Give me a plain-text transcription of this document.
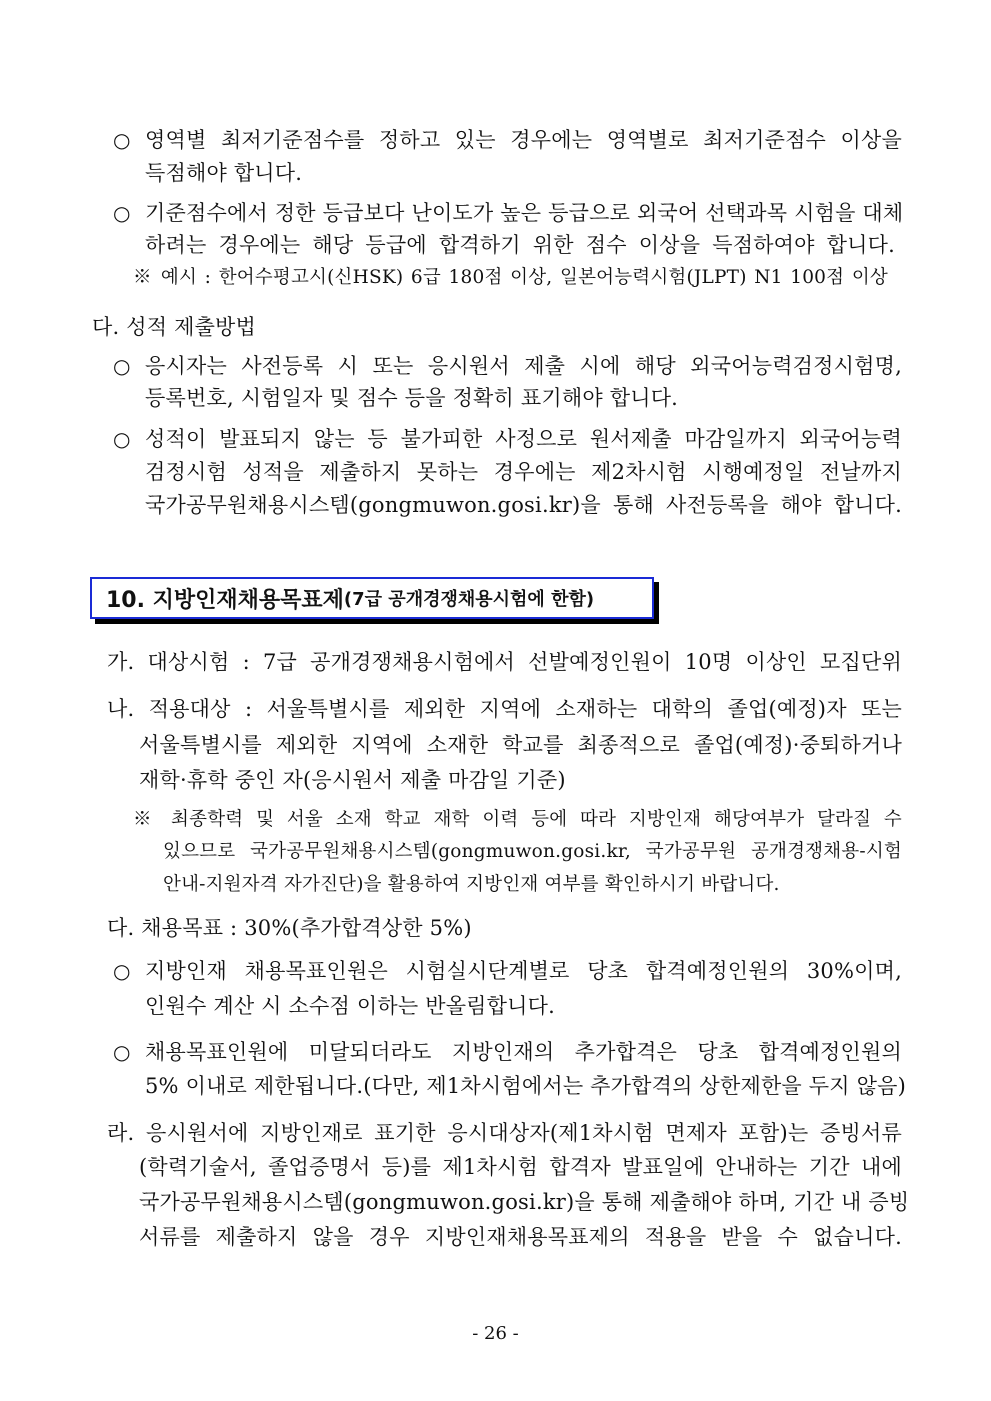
○ 영역별 최저기준점수를 정하고 있는 경우에는 영역별로 최저기준점수 이상을
득점해야 합니다.
○ 기준점수에서 정한 등급보다 난이도가 높은 등급으로 외국어 선택과목 시험을 대체
하려는 경우에는 해당 등급에 합격하기 위한 점수 이상을 득점하여야 합니다.
※ 예시 : 한어수평고시(신HSK) 6급 180점 이상, 일본어능력시험(JLPT) N1 100점 이상
다. 성적 제출방법
○ 응시자는 사전등록 시 또는 응시원서 제출 시에 해당 외국어능력검정시험명,
등록번호, 시험일자 및 점수 등을 정확히 표기해야 합니다.
○ 성적이 발표되지 않는 등 불가피한 사정으로 원서제출 마감일까지 외국어능력
검정시험 성적을 제출하지 못하는 경우에는 제2차시험 시행예정일 전날까지
국가공무원채용시스템(gongmuwon.gosi.kr)을 통해 사전등록을 해야 합니다.
10. 지방인재채용목표제 (7급 공개경쟁채용시험에 한함)
가. 대상시험 : 7급 공개경쟁채용시험에서 선발예정인원이 10명 이상인 모집단위
나. 적용대상 : 서울특별시를 제외한 지역에 소재하는 대학의 졸업(예정)자 또는
서울특별시를 제외한 지역에 소재한 학교를 최종적으로 졸업(예정)·중퇴하거나
재학·휴학 중인 자(응시원서 제출 마감일 기준)
※ 최종학력 및 서울 소재 학교 재학 이력 등에 따라 지방인재 해당여부가 달라질 수
있으므로 국가공무원채용시스템(gongmuwon.gosi.kr, 국가공무원 공개경쟁채용-시험
안내-지원자격 자가진단)을 활용하여 지방인재 여부를 확인하시기 바랍니다.
다. 채용목표 : 30%(추가합격상한 5%)
○ 지방인재 채용목표인원은 시험실시단계별로 당초 합격예정인원의 30%이며,
인원수 계산 시 소수점 이하는 반올림합니다.
○ 채용목표인원에 미달되더라도 지방인재의 추가합격은 당초 합격예정인원의
5% 이내로 제한됩니다.(다만, 제1차시험에서는 추가합격의 상한제한을 두지 않음)
라. 응시원서에 지방인재로 표기한 응시대상자(제1차시험 면제자 포함)는 증빙서류
(학력기술서, 졸업증명서 등)를 제1차시험 합격자 발표일에 안내하는 기간 내에
국가공무원채용시스템(gongmuwon.gosi.kr)을 통해 제출해야 하며, 기간 내 증빙
서류를 제출하지 않을 경우 지방인재채용목표제의 적용을 받을 수 없습니다.
- 26 -
